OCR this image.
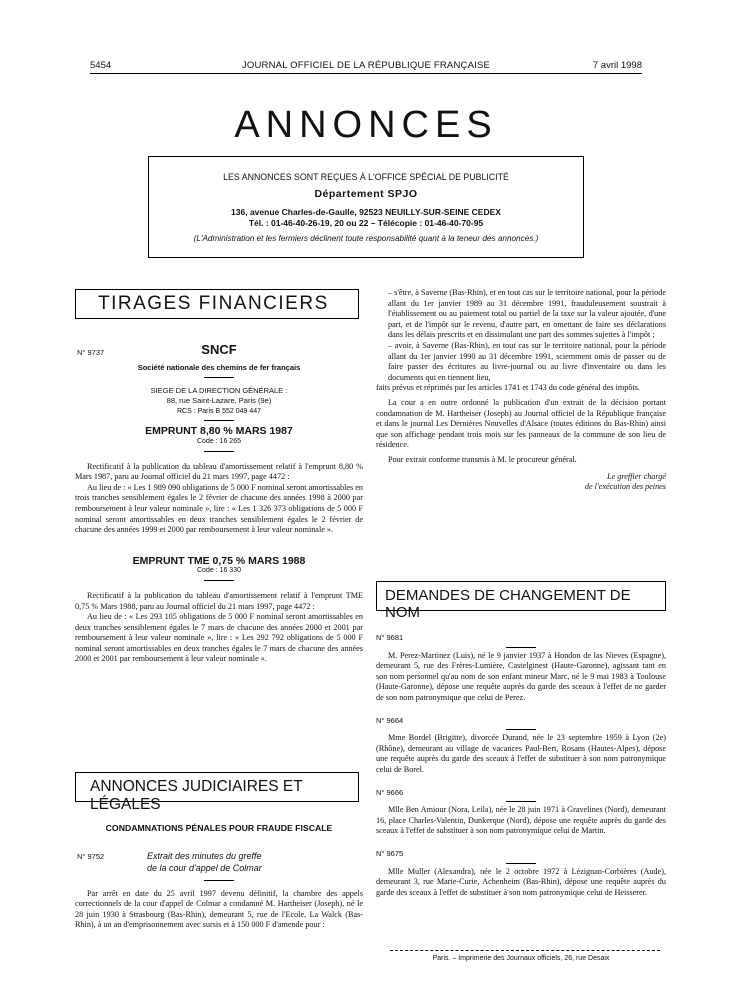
5454	JOURNAL OFFICIEL DE LA RÉPUBLIQUE FRANÇAISE	7 avril 1998
ANNONCES
LES ANNONCES SONT REÇUES À L'OFFICE SPÉCIAL DE PUBLICITÉ
Département SPJO
136, avenue Charles-de-Gaulle, 92523 NEUILLY-SUR-SEINE CEDEX
Tél. : 01-46-40-26-19, 20 ou 22 – Télécopie : 01-46-40-70-95
(L'Administration et les fermiers déclinent toute responsabilité quant à la teneur des annonces.)
TIRAGES FINANCIERS
N° 9737	SNCF
Société nationale des chemins de fer français
SIEGE DE LA DIRECTION GÉNÉRALE :
88, rue Saint-Lazare, Paris (9e)
RCS : Paris B 552 049 447
EMPRUNT 8,80 % MARS 1987
Code : 16 265

Rectificatif à la publication du tableau d'amortissement relatif à l'emprunt 8,80 % Mars 1987, paru au Journal officiel du 21 mars 1997, page 4472 :

Au lieu de : « Les 1 989 090 obligations de 5 000 F nominal seront amortissables en trois tranches sensiblement égales le 2 février de chacune des années 1998 à 2000 par remboursement à leur valeur nominale », lire : « Les 1 326 373 obligations de 5 000 F nominal seront amortissables en deux tranches sensiblement égales le 2 février de chacune des années 1999 et 2000 par remboursement à leur valeur nominale ».

EMPRUNT TME 0,75 % MARS 1988
Code : 16 330

Rectificatif à la publication du tableau d'amortissement relatif à l'emprunt TME 0,75 % Mars 1988, paru au Journal officiel du 21 mars 1997, page 4472 :

Au lieu de : « Les 293 105 obligations de 5 000 F nominal seront amortissables en deux tranches sensiblement égales le 7 mars de chacune des années 2000 et 2001 par remboursement à leur valeur nominale », lire : « Les 292 792 obligations de 5 000 F nominal seront amortissables en deux tranches égales le 7 mars de chacune des années 2000 et 2001 par remboursement à leur valeur nominale ».

ANNONCES JUDICIAIRES ET LÉGALES
CONDAMNATIONS PÉNALES POUR FRAUDE FISCALE
N° 9752	Extrait des minutes du greffe
de la cour d'appel de Colmar

Par arrêt en date du 25 avril 1997 devenu définitif, la chambre des appels correctionnels de la cour d'appel de Colmar a condamné M. Hartheiser (Joseph), né le 28 juin 1930 à Strasbourg (Bas-Rhin), demeurant 5, rue de l'Ecole, La Walck (Bas-Rhin), à un an d'emprisonnement avec sursis et à 150 000 F d'amende pour :

– s'être, à Saverne (Bas-Rhin), et en tout cas sur le territoire national, pour la période allant du 1er janvier 1989 au 31 décembre 1991, frauduleusement soustrait à l'établissement ou au paiement total ou partiel de la taxe sur la valeur ajoutée, d'une part, et de l'impôt sur le revenu, d'autre part, en omettant de faire ses déclarations dans les délais prescrits et en dissimulant une part des sommes sujettes à l'impôt ;

– avoir, à Saverne (Bas-Rhin), en tout cas sur le territoire national, pour la période allant du 1er janvier 1990 au 31 décembre 1991, sciemment omis de passer ou de faire passer des écritures au livre-journal ou au livre d'inventaire ou dans les documents qui en tiennent lieu,

faits prévus et réprimés par les articles 1741 et 1743 du code général des impôts.

La cour a en outre ordonné la publication d'un extrait de la décision portant condamnation de M. Hartheiser (Joseph) au Journal officiel de la République française et dans le journal Les Dernières Nouvelles d'Alsace (toutes éditions du Bas-Rhin) ainsi que son affichage pendant trois mois sur les panneaux de la commune de son lieu de résidence.

Pour extrait conforme transmis à M. le procureur général.

Le greffier chargé
de l'exécution des peines
DEMANDES DE CHANGEMENT DE NOM
N° 9681

M. Perez-Martinez (Luis), né le 9 janvier 1937 à Hondon de las Nieves (Espagne), demeurant 5, rue des Frères-Lumière, Castelginest (Haute-Garonne), agissant tant en son nom personnel qu'au nom de son enfant mineur Marc, né le 9 mai 1983 à Toulouse (Haute-Garonne), dépose une requête auprès du garde des sceaux à l'effet de ne garder de son nom patronymique que celui de Perez.

N° 9664

Mme Bordel (Brigitte), divorcée Durand, née le 23 septembre 1959 à Lyon (2e) (Rhône), demeurant au village de vacances Paul-Bert, Rosans (Hautes-Alpes), dépose une requête auprès du garde des sceaux à l'effet de substituer à son nom patronymique celui de Borel.

N° 9666

Mlle Ben Amiour (Nora, Leila), née le 28 juin 1971 à Gravelines (Nord), demeurant 16, place Charles-Valentin, Dunkerque (Nord), dépose une requête auprès du garde des sceaux à l'effet de substituer à son nom patronymique celui de Martin.

N° 9675

Mlle Muller (Alexandra), née le 2 octobre 1972 à Lézignan-Corbières (Aude), demeurant 3, rue Marie-Curie, Achenheim (Bas-Rhin), dépose une requête auprès du garde des sceaux à l'effet de substituer à son nom patronymique celui de Heisserer.

Paris. – Imprimerie des Journaux officiels, 26, rue Desaix
